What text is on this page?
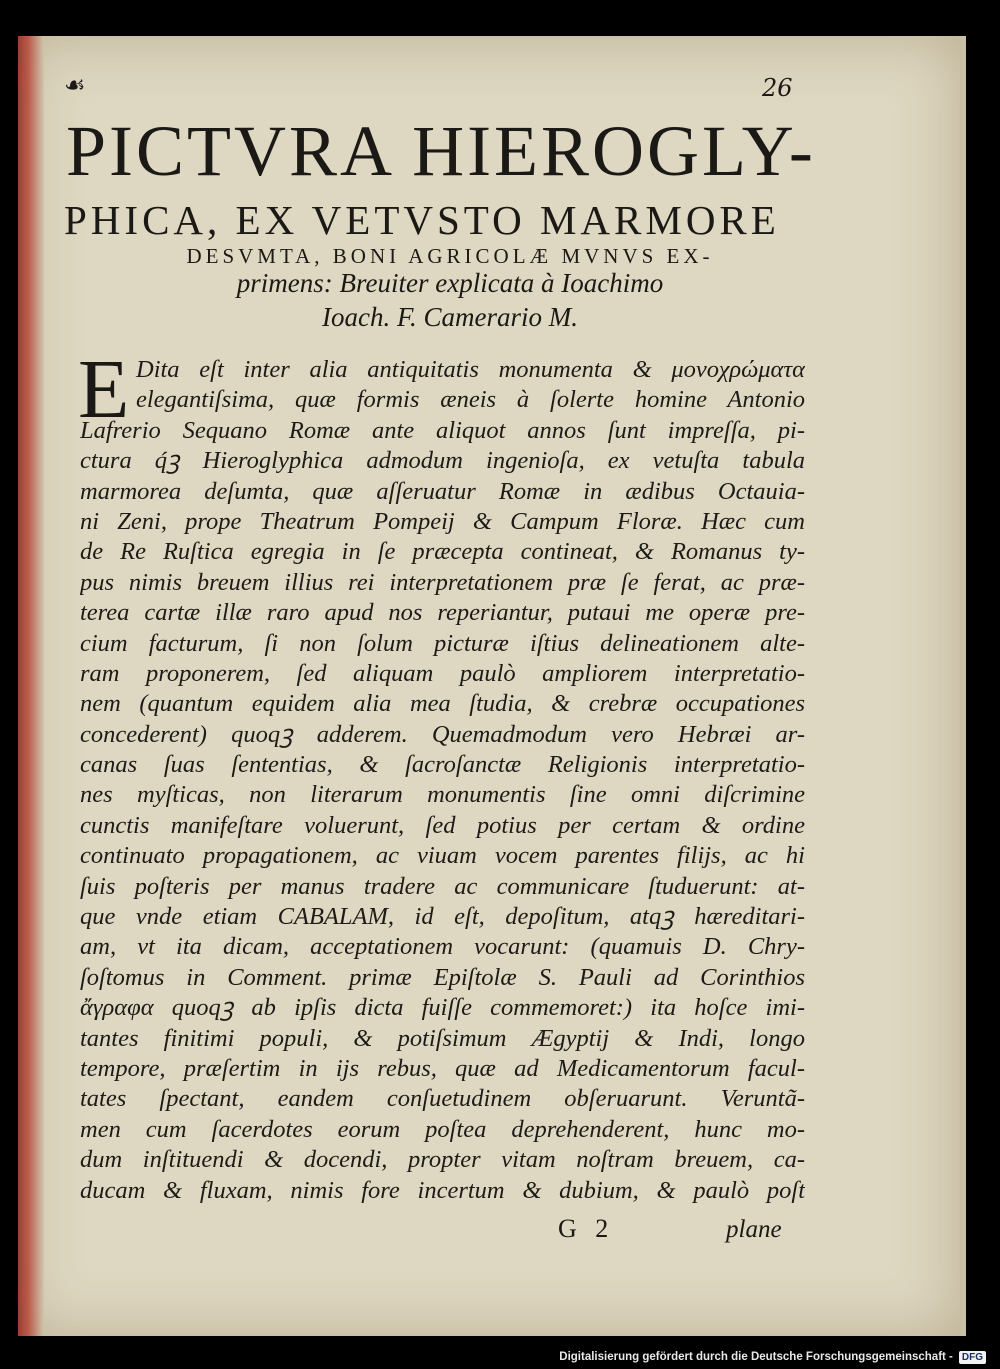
☙	26
PICTVRA HIEROGLY-
PHICA, EX VETVSTO MARMORE
DESVMTA, BONI AGRICOLÆ MVNVS EX-
primens: Breuiter explicata à Ioachimo
Ioach. F. Camerario M.
E Dita eſt inter alia antiquitatis monumenta & μονοχρώματα
elegantiſsima, quæ formis æneis à ſolerte homine Antonio
Lafrerio Sequano Romæ ante aliquot annos ſunt impreſſa, pi-
ctura q́ꝫ Hieroglyphica admodum ingenioſa, ex vetuſta tabula
marmorea deſumta, quæ aſſeruatur Romæ in ædibus Octauia-
ni Zeni, prope Theatrum Pompeij & Campum Floræ. Hæc cum
de Re Ruſtica egregia in ſe præcepta contineat, & Romanus ty-
pus nimis breuem illius rei interpretationem præ ſe ferat, ac præ-
terea cartæ illæ raro apud nos reperiantur, putaui me operæ pre-
cium facturum, ſi non ſolum picturæ iſtius delineationem alte-
ram proponerem, ſed aliquam paulò ampliorem interpretatio-
nem (quantum equidem alia mea ſtudia, & crebræ occupationes
concederent) quoqꝫ adderem. Quemadmodum vero Hebræi ar-
canas ſuas ſententias, & ſacroſanctæ Religionis interpretatio-
nes myſticas, non literarum monumentis ſine omni diſcrimine
cunctis manifeſtare voluerunt, ſed potius per certam & ordine
continuato propagationem, ac viuam vocem parentes filijs, ac hi
ſuis poſteris per manus tradere ac communicare ſtuduerunt: at-
que vnde etiam CABALAM, id eſt, depoſitum, atqꝫ hæreditari-
am, vt ita dicam, acceptationem vocarunt: (quamuis D. Chry-
ſoſtomus in Comment. primæ Epiſtolæ S. Pauli ad Corinthios
ἄγραφα quoqꝫ ab ipſis dicta fuiſſe commemoret:) ita hoſce imi-
tantes finitimi populi, & potiſsimum Ægyptij & Indi, longo
tempore, præſertim in ijs rebus, quæ ad Medicamentorum facul-
tates ſpectant, eandem conſuetudinem obſeruarunt. Veruntã-
men cum ſacerdotes eorum poſtea deprehenderent, hunc mo-
dum inſtituendi & docendi, propter vitam noſtram breuem, ca-
ducam & fluxam, nimis fore incertum & dubium, & paulò poſt
G 2	plane
Digitalisierung gefördert durch die Deutsche Forschungsgemeinschaft - DFG
